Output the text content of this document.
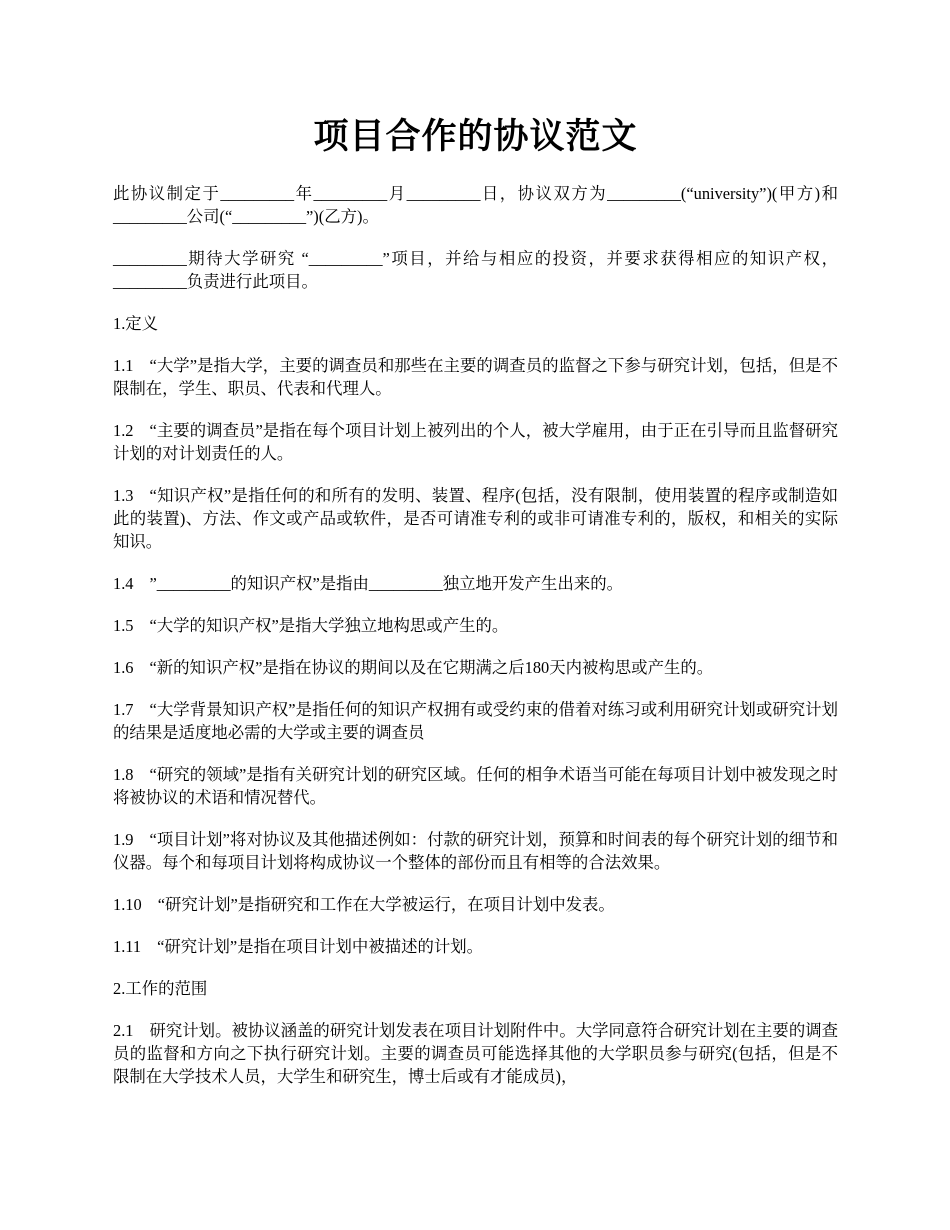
项目合作的协议范文

此协议制定于_________年_________月_________日，协议双方为_________(“university”)(甲方)和_________公司(“_________”)(乙方)。

_________期待大学研究 “_________”项目，并给与相应的投资，并要求获得相应的知识产权，_________负责进行此项目。

1.定义

1.1 “大学”是指大学，主要的调查员和那些在主要的调查员的监督之下参与研究计划，包括，但是不限制在，学生、职员、代表和代理人。

1.2 “主要的调查员”是指在每个项目计划上被列出的个人，被大学雇用，由于正在引导而且监督研究计划的对计划责任的人。

1.3 “知识产权”是指任何的和所有的发明、装置、程序(包括，没有限制，使用装置的程序或制造如此的装置)、方法、作文或产品或软件，是否可请准专利的或非可请准专利的，版权，和相关的实际知识。

1.4 ”_________的知识产权”是指由_________独立地开发产生出来的。

1.5 “大学的知识产权”是指大学独立地构思或产生的。

1.6 “新的知识产权”是指在协议的期间以及在它期满之后180天内被构思或产生的。

1.7 “大学背景知识产权”是指任何的知识产权拥有或受约束的借着对练习或利用研究计划或研究计划的结果是适度地必需的大学或主要的调查员

1.8 “研究的领域”是指有关研究计划的研究区域。任何的相争术语当可能在每项目计划中被发现之时将被协议的术语和情况替代。

1.9 “项目计划”将对协议及其他描述例如：付款的研究计划，预算和时间表的每个研究计划的细节和仪器。每个和每项目计划将构成协议一个整体的部份而且有相等的合法效果。

1.10 “研究计划”是指研究和工作在大学被运行，在项目计划中发表。

1.11 “研究计划”是指在项目计划中被描述的计划。

2.工作的范围

2.1 研究计划。被协议涵盖的研究计划发表在项目计划附件中。大学同意符合研究计划在主要的调查员的监督和方向之下执行研究计划。主要的调查员可能选择其他的大学职员参与研究(包括，但是不限制在大学技术人员，大学生和研究生，博士后或有才能成员)，
